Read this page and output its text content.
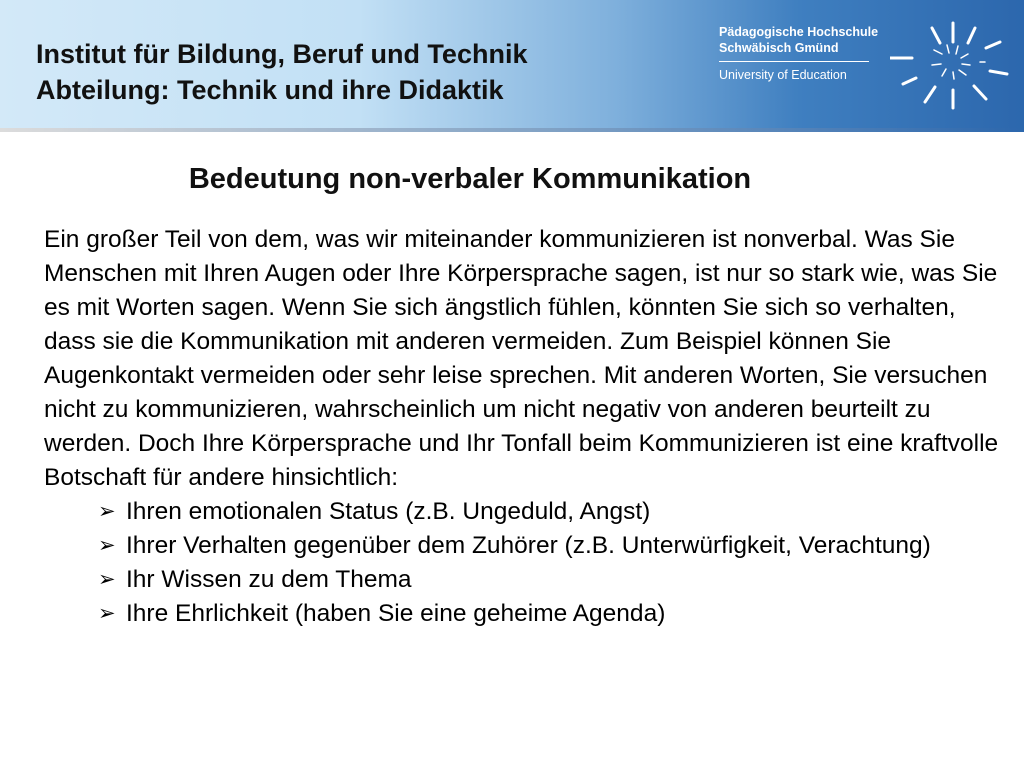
Institut für Bildung, Beruf und Technik
Abteilung: Technik und ihre Didaktik
Pädagogische Hochschule
Schwäbisch Gmünd
University of Education
Bedeutung non-verbaler Kommunikation

Ein großer Teil von dem, was wir miteinander kommunizieren ist nonverbal. Was Sie Menschen mit Ihren Augen oder Ihre Körpersprache sagen, ist nur so stark wie, was Sie es mit Worten sagen. Wenn Sie sich ängstlich fühlen, könnten Sie sich so verhalten, dass sie die Kommunikation mit anderen vermeiden. Zum Beispiel können Sie Augenkontakt vermeiden oder sehr leise sprechen. Mit anderen Worten, Sie versuchen nicht zu kommunizieren, wahrscheinlich um nicht negativ von anderen beurteilt zu werden. Doch Ihre Körpersprache und Ihr Tonfall beim Kommunizieren ist eine kraftvolle Botschaft für andere hinsichtlich:

➢ Ihren emotionalen Status (z.B. Ungeduld, Angst)
➢ Ihrer Verhalten gegenüber dem Zuhörer (z.B. Unterwürfigkeit, Verachtung)
➢ Ihr Wissen zu dem Thema
➢ Ihre Ehrlichkeit (haben Sie eine geheime Agenda)
